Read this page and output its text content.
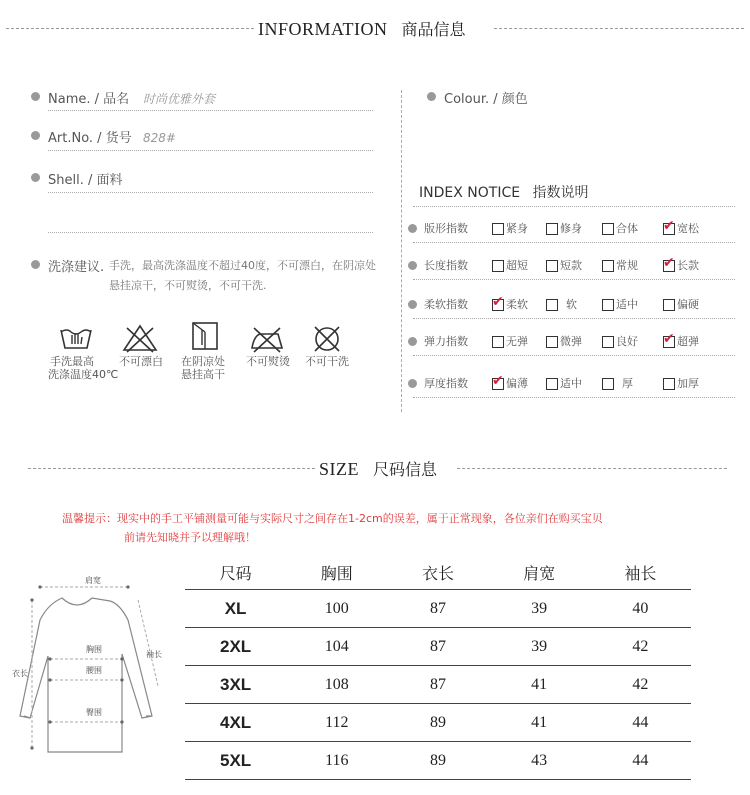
INFORMATION 商品信息
Name. / 品名 时尚优雅外套
Art.No. / 货号 828#
Shell. / 面料
洗涤建议. 手洗，最高洗涤温度不超过40度，不可漂白，在阴凉处
悬挂凉干，不可熨烫，不可干洗.
手洗最高
洗涤温度40℃
不可漂白 在阴凉处
悬挂高干
不可熨烫 不可干洗
Colour. / 颜色
INDEX NOTICE 指数说明
版形指数	紧身	修身	合体 ✔ 宽松
长度指数	超短	短款	常规 ✔ 长款
柔软指数 ✔ 柔软	软	适中	偏硬
弹力指数	无弹	微弹	良好 ✔ 超弹
厚度指数 ✔ 偏薄	适中	厚	加厚
SIZE 尺码信息
温馨提示：现实中的手工平铺测量可能与实际尺寸之间存在1-2cm的误差，属于正常现象，各位亲们在购买宝贝
前请先知晓并予以理解哦！
肩宽
胸围
腰围
臀围
袖长
衣长
尺码	胸围	衣长	肩宽	袖长
XL	100	87	39	40
2XL	104	87	39	42
3XL	108	87	41	42
4XL	112	89	41	44
5XL	116	89	43	44
